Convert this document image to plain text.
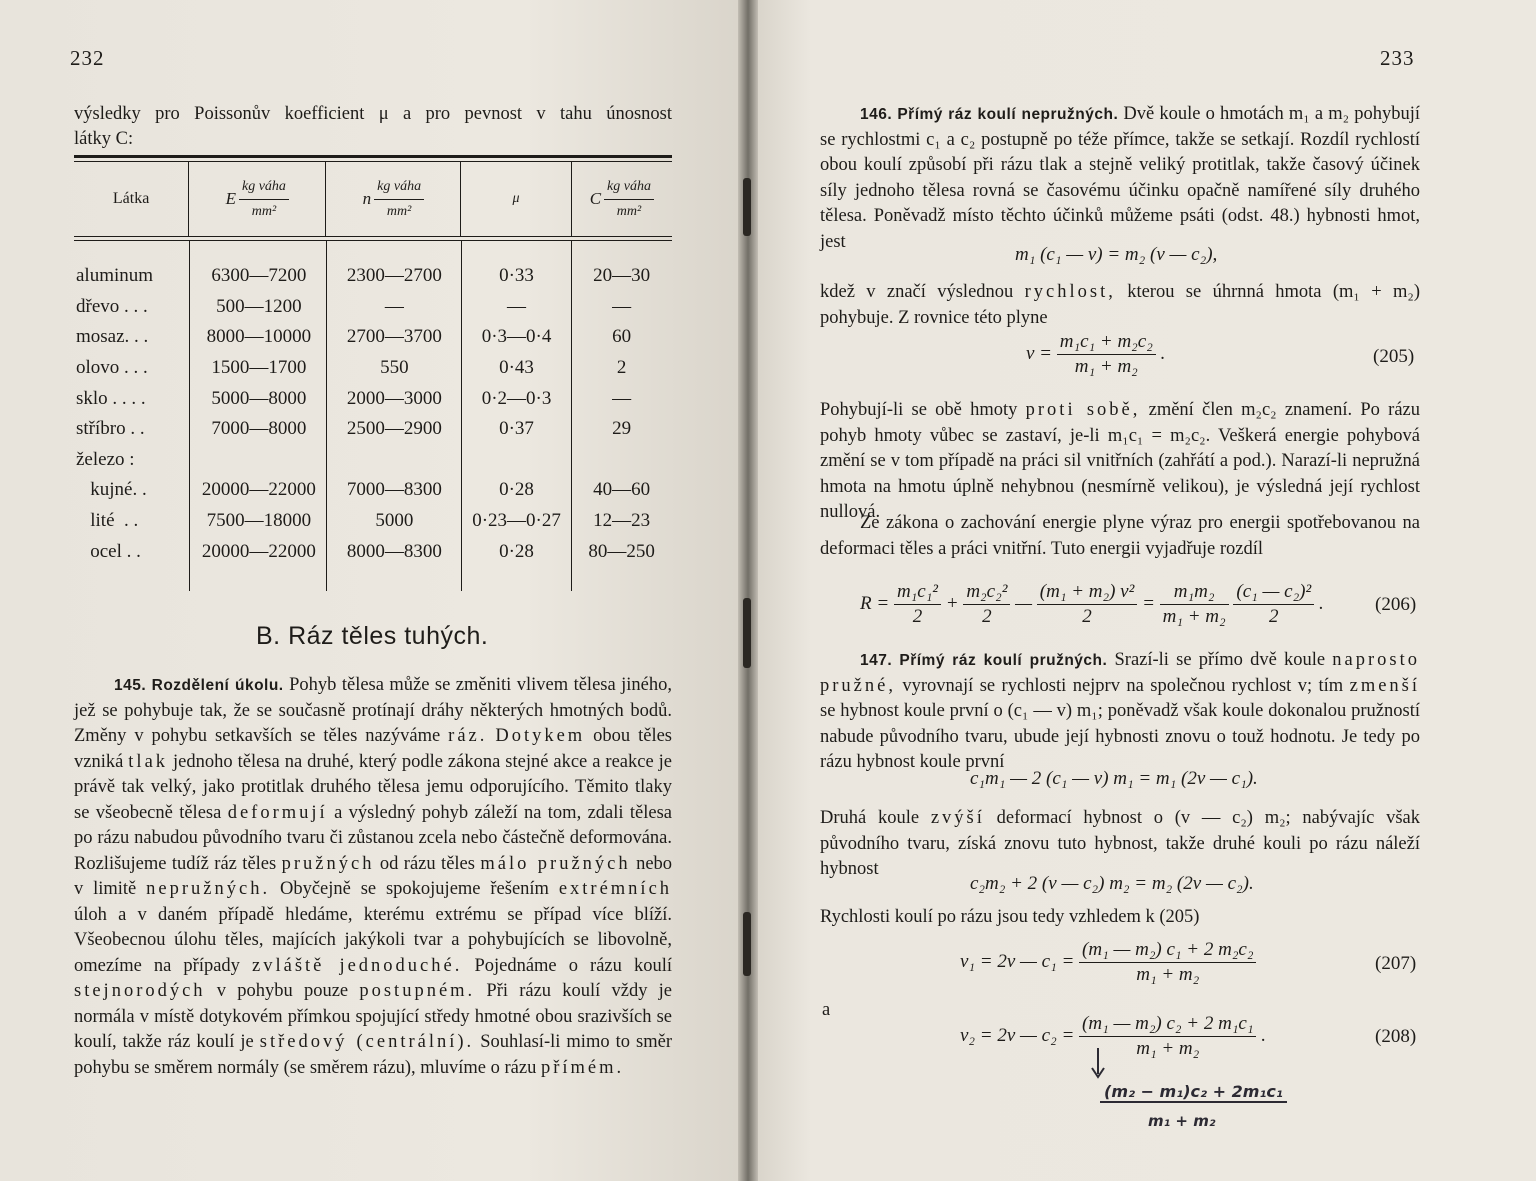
232

výsledky pro Poissonův koefficient μ a pro pevnost v tahu únosnost

látky C:

Látka	E $\frac{\text{kg váha}}{\text{mm²}}$	n $\frac{\text{kg váha}}{\text{mm²}}$	μ	C $\frac{\text{kg váha}}{\text{mm²}}$
aluminum	6300—7200	2300—2700	0·33	20—30
dřevo . . .	500—1200	—	—	—
mosaz. . .	8000—10000	2700—3700	0·3—0·4	60
olovo . . .	1500—1700	550	0·43	2
sklo . . . .	5000—8000	2000—3000	0·2—0·3	—
stříbro . .	7000—8000	2500—2900	0·37	29
železo :
kujné. .	20000—22000	7000—8300	0·28	40—60
lité  . .	7500—18000	5000	0·23—0·27	12—23
ocel . .	20000—22000	8000—8300	0·28	80—250
B. Ráz těles tuhých.

145. Rozdělení úkolu. Pohyb tělesa může se změniti vlivem tělesa jiného, jež se pohybuje tak, že se současně protínají dráhy některých hmotných bodů. Změny v pohybu setkavších se těles nazýváme ráz. Dotykem obou těles vzniká tlak jednoho tělesa na druhé, který podle zákona stejné akce a reakce je právě tak velký, jako protitlak druhého tělesa jemu odporujícího. Těmito tlaky se všeobecně tělesa deformují a výsledný pohyb záleží na tom, zdali tělesa po rázu nabudou původního tvaru či zůstanou zcela nebo částečně deformována. Rozlišujeme tudíž ráz těles pružných od rázu těles málo pružných nebo v limitě nepružných. Obyčejně se spokojujeme řešením extrémních úloh a v daném případě hledáme, kterému extrému se případ více blíží. Všeobecnou úlohu těles, majících jakýkoli tvar a pohybujících se libovolně, omezíme na případy zvláště jednoduché. Pojednáme o rázu koulí stejnorodých v pohybu pouze postupném. Při rázu koulí vždy je normála v místě dotykovém přímkou spojující středy hmotné obou srazivších se koulí, takže ráz koulí je středový (centrální). Souhlasí-li mimo to směr pohybu se směrem normály (se směrem rázu), mluvíme o rázu přímém.

233

146. Přímý ráz koulí nepružných. Dvě koule o hmotách m₁ a m₂ pohybují se rychlostmi c₁ a c₂ postupně po téže přímce, takže se setkají. Rozdíl rychlostí obou koulí způsobí při rázu tlak a stejně veliký protitlak, takže časový účinek síly jednoho tělesa rovná se časovému účinku opačně namířené síly druhého tělesa. Poněvadž místo těchto účinků můžeme psáti (odst. 48.) hybnosti hmot, jest

m₁ (c₁ — v) = m₂ (v — c₂),

kdež v značí výslednou rychlost, kterou se úhrnná hmota (m₁ + m₂) pohybuje. Z rovnice této plyne

$v = \frac{\text{m₁c₁ + m₂c₂}}{\text{m₁ + m₂}}$ .	(205)

Pohybují-li se obě hmoty proti sobě, změní člen m₂c₂ znamení. Po rázu pohyb hmoty vůbec se zastaví, je-li m₁c₁ = m₂c₂. Veškerá energie pohybová změní se v tom případě na práci sil vnitřních (zahřátí a pod.). Narazí-li nepružná hmota na hmotu úplně nehybnou (nesmírně velikou), je výsledná její rychlost nullová.

Ze zákona o zachování energie plyne výraz pro energii spotřebovanou na deformaci těles a práci vnitřní. Tuto energii vyjadřuje rozdíl

$R = \frac{\text{m₁c₁²}}{2} + \frac{\text{m₂c₂²}}{2}$ — $\frac{\text{(m₁ + m₂) v²}}{2} = \frac{\text{m₁m₂}}{\text{m₁ + m₂}}$
$\frac{\text{(c₁ — c₂)²}}{2}$ .	(206)

147. Přímý ráz koulí pružných. Srazí-li se přímo dvě koule naprosto pružné, vyrovnají se rychlosti nejprv na společnou rychlost v; tím zmenší se hybnost koule první o (c₁ — v) m₁; poněvadž však koule dokonalou pružností nabude původního tvaru, ubude její hybnosti znovu o touž hodnotu. Je tedy po rázu hybnost koule první

c₁m₁ — 2 (c₁ — v) m₁ = m₁ (2v — c₁).

Druhá koule zvýší deformací hybnost o (v — c₂) m₂; nabývajíc však původního tvaru, získá znovu tuto hybnost, takže druhé kouli po rázu náleží hybnost

c₂m₂ + 2 (v — c₂) m₂ = m₂ (2v — c₂).

Rychlosti koulí po rázu jsou tedy vzhledem k (205)

v₁ = 2v — $c_1 = \frac{\text{(m₁ — m₂) c₁ + 2 m₂c₂}}{\text{m₁ + m₂}}$	(207)
a
v₂ = 2v — $c_2 = \frac{\text{(m₁ — m₂) c₂ + 2 m₁c₁}}{\text{m₁ + m₂}}$ .	(208)
(m₂ − m₁)c₂ + 2m₁c₁
m₁ + m₂
